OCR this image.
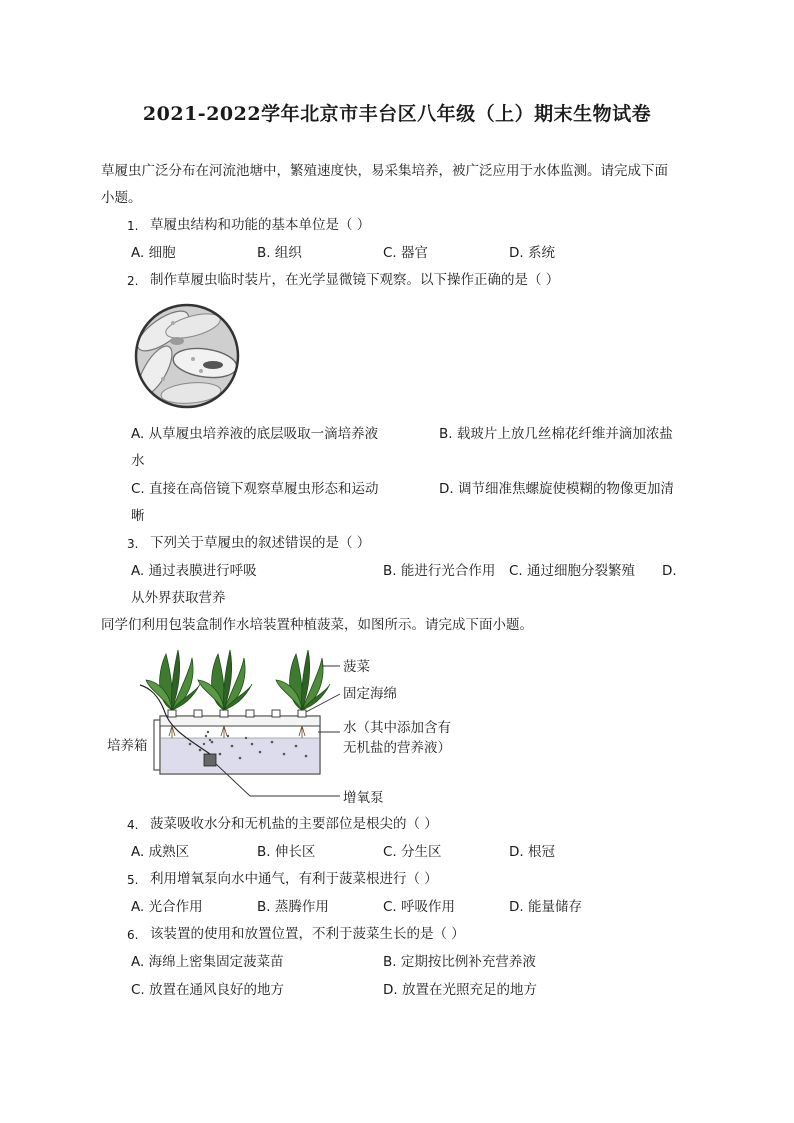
2021-2022学年北京市丰台区八年级（上）期末生物试卷
草履虫广泛分布在河流池塘中，繁殖速度快，易采集培养，被广泛应用于水体监测。请完成下面
小题。
1. 草履虫结构和功能的基本单位是（ ）
A. 细胞	B. 组织	C. 器官	D. 系统
2. 制作草履虫临时装片，在光学显微镜下观察。以下操作正确的是（ ）
A. 从草履虫培养液的底层吸取一滴培养液	B. 载玻片上放几丝棉花纤维并滴加浓盐
水
C. 直接在高倍镜下观察草履虫形态和运动	D. 调节细准焦螺旋使模糊的物像更加清
晰
3. 下列关于草履虫的叙述错误的是（ ）
A. 通过表膜进行呼吸	B. 能进行光合作用 C. 通过细胞分裂繁殖 D.
从外界获取营养
同学们利用包装盒制作水培装置种植菠菜，如图所示。请完成下面小题。
菠菜
固定海绵
水（其中添加含有
无机盐的营养液）
培养箱
增氧泵
4. 菠菜吸收水分和无机盐的主要部位是根尖的（ ）
A. 成熟区	B. 伸长区	C. 分生区	D. 根冠
5. 利用增氧泵向水中通气，有利于菠菜根进行（ ）
A. 光合作用	B. 蒸腾作用	C. 呼吸作用	D. 能量储存
6. 该装置的使用和放置位置，不利于菠菜生长的是（ ）
A. 海绵上密集固定菠菜苗	B. 定期按比例补充营养液
C. 放置在通风良好的地方	D. 放置在光照充足的地方
